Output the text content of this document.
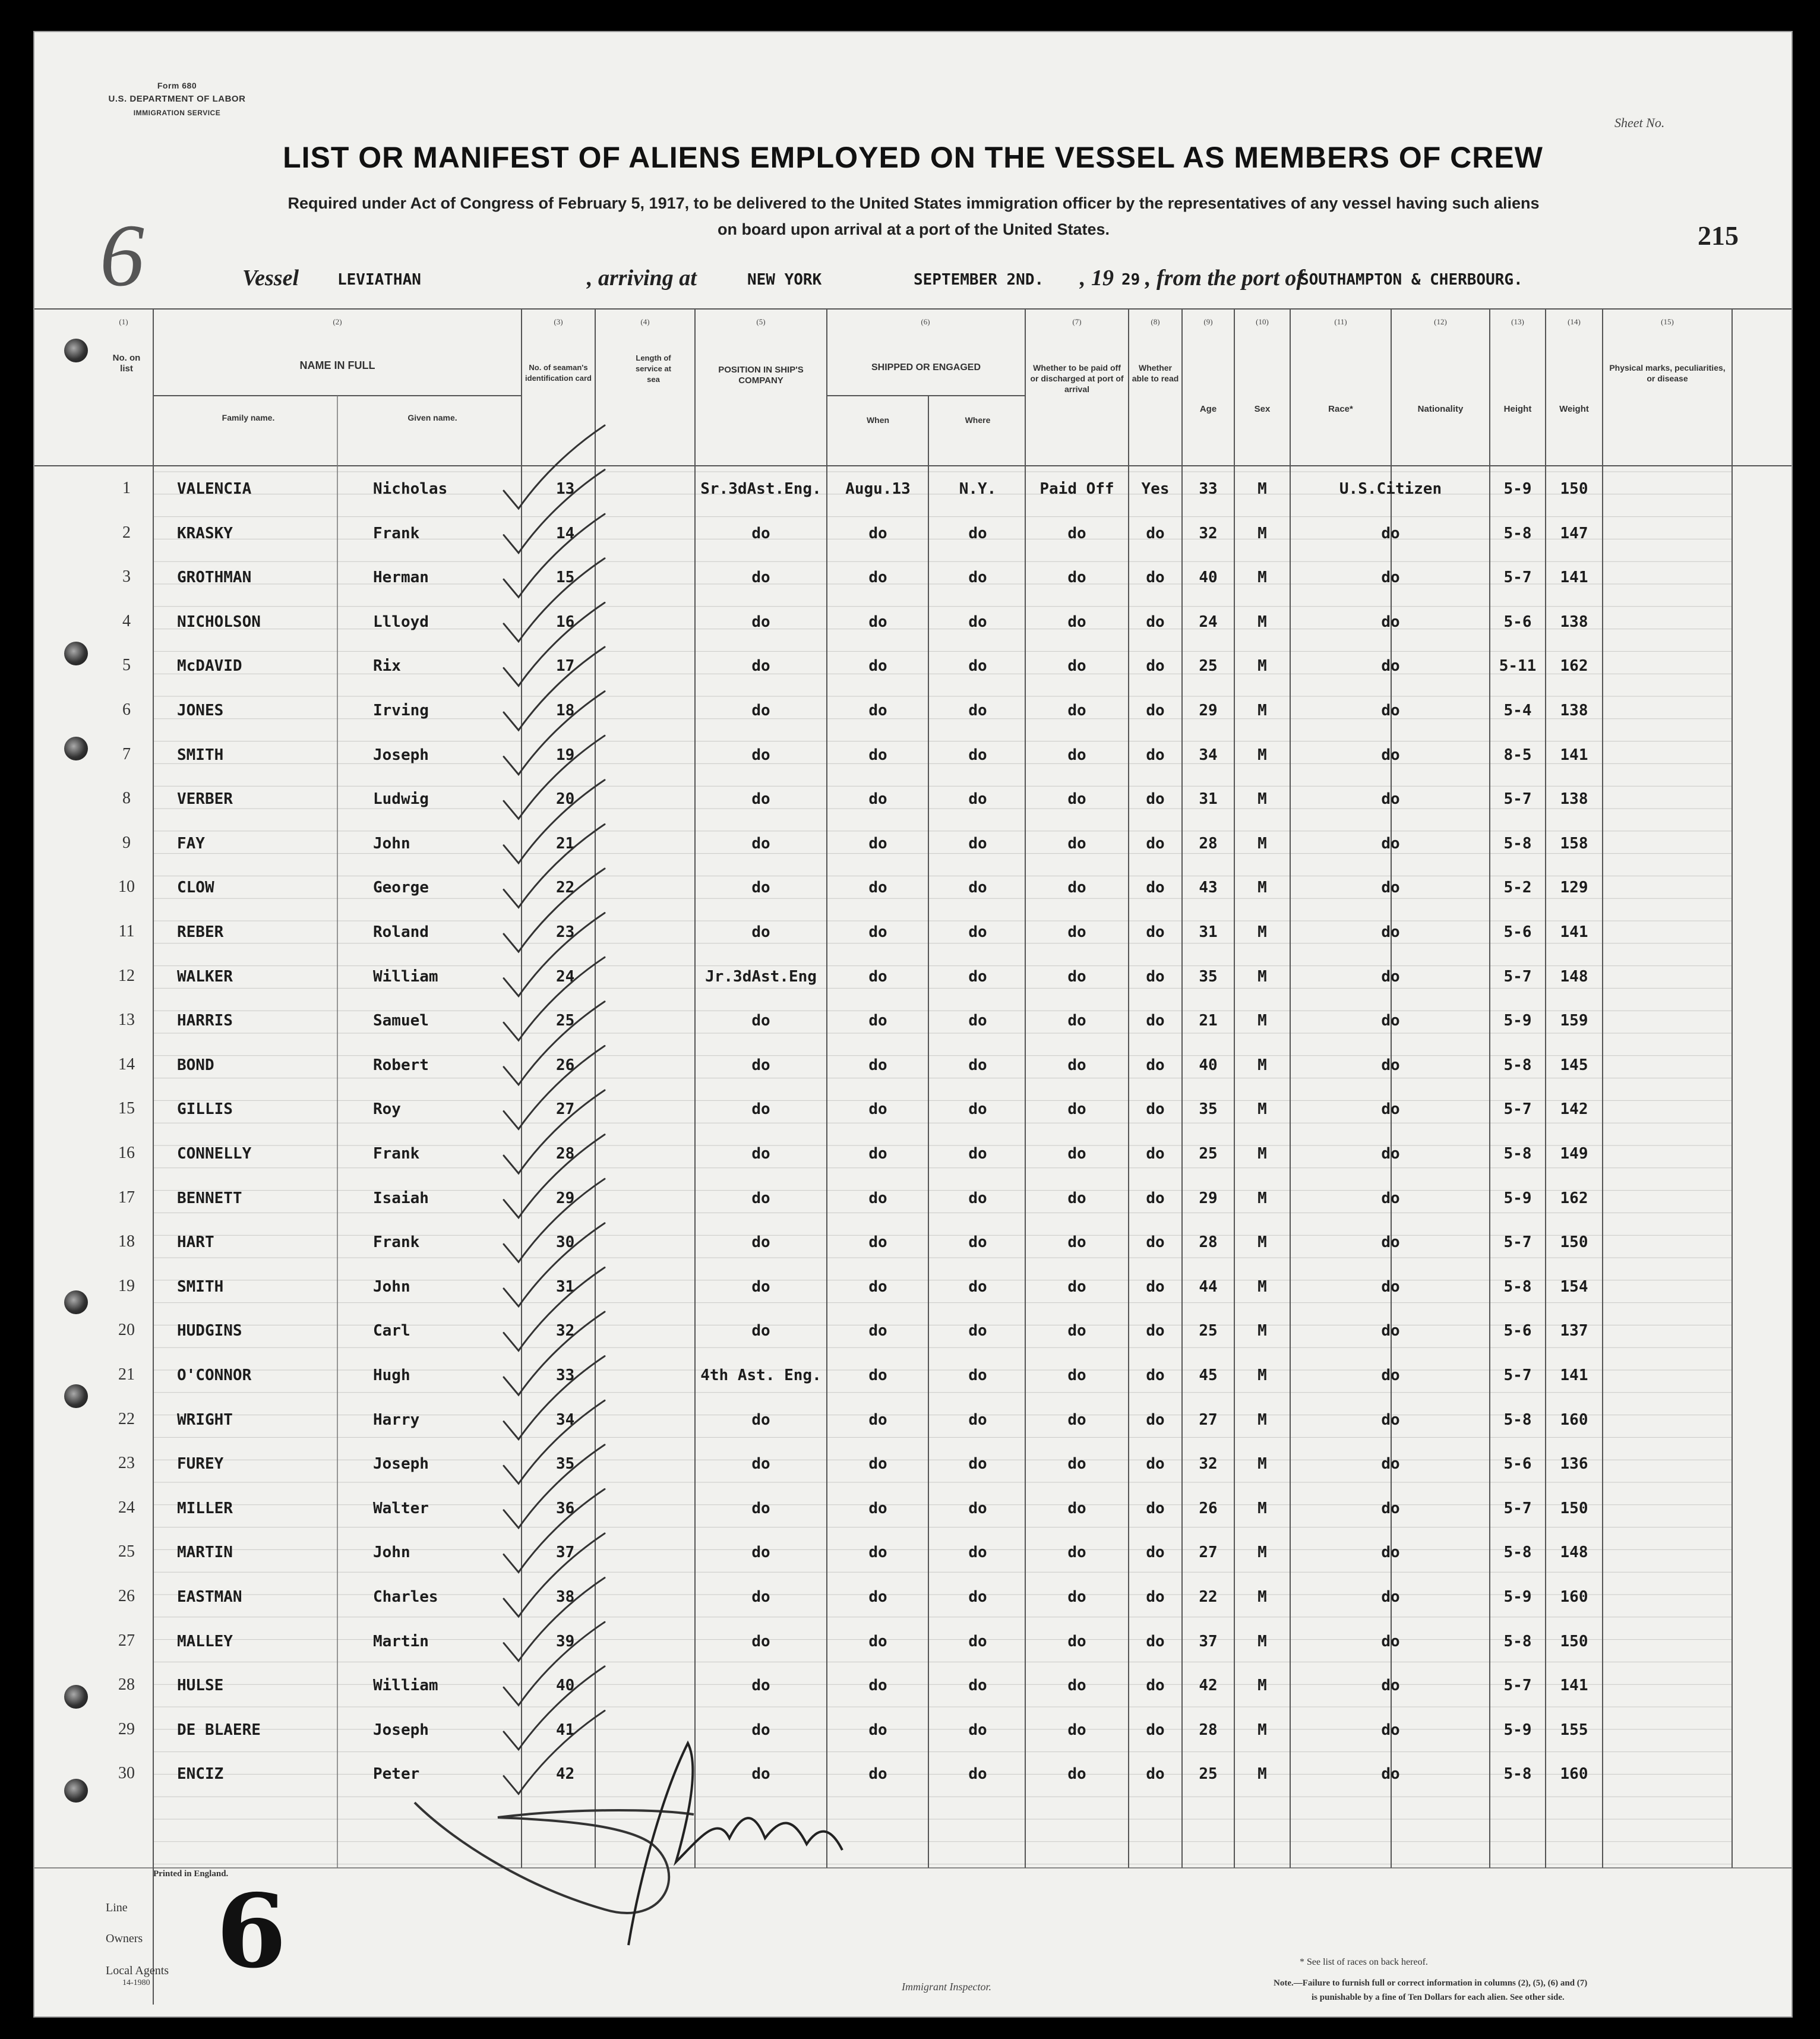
Form 680
U.S. DEPARTMENT OF LABOR
IMMIGRATION SERVICE
Sheet No.
LIST OR MANIFEST OF ALIENS EMPLOYED ON THE VESSEL AS MEMBERS OF CREW
Required under Act of Congress of February 5, 1917, to be delivered to the United States immigration officer by the representatives of any vessel having such aliens
on board upon arrival at a port of the United States.	215
6	Vessel	LEVIATHAN	, arriving at	NEW YORK	SEPTEMBER 2ND. , 19 29 , from the port of
SOUTHAMPTON & CHERBOURG.
(1)
No. on list
(2)
NAME IN FULL
Family name.	Given name.
(3)
No. of seaman's identification card
(4)
Length of service at sea
(5)
POSITION IN SHIP'S COMPANY
(6)
SHIPPED OR ENGAGED
When	Where
(7)
Whether to be paid off or discharged at port of arrival
(8)
Whether able to read
(9)
Age
(10)
Sex
(11)
Race*
(12)
Nationality
(13)
Height
(14)
Weight
(15)
Physical marks, peculiarities, or disease
1	VALENCIA	Nicholas	13	Sr.3dAst.Eng.	Augu.13	N.Y.	Paid Off	Yes	33	M	U.S.Citizen	5-9	150
2	KRASKY	Frank	14	do	do	do	do	do	32	M	do	5-8	147
3	GROTHMAN	Herman	15	do	do	do	do	do	40	M	do	5-7	141
4	NICHOLSON	Llloyd	16	do	do	do	do	do	24	M	do	5-6	138
5	McDAVID	Rix	17	do	do	do	do	do	25	M	do	5-11	162
6	JONES	Irving	18	do	do	do	do	do	29	M	do	5-4	138
7	SMITH	Joseph	19	do	do	do	do	do	34	M	do	8-5	141
8	VERBER	Ludwig	20	do	do	do	do	do	31	M	do	5-7	138
9	FAY	John	21	do	do	do	do	do	28	M	do	5-8	158
10	CLOW	George	22	do	do	do	do	do	43	M	do	5-2	129
11	REBER	Roland	23	do	do	do	do	do	31	M	do	5-6	141
12	WALKER	William	24	Jr.3dAst.Eng	do	do	do	do	35	M	do	5-7	148
13	HARRIS	Samuel	25	do	do	do	do	do	21	M	do	5-9	159
14	BOND	Robert	26	do	do	do	do	do	40	M	do	5-8	145
15	GILLIS	Roy	27	do	do	do	do	do	35	M	do	5-7	142
16	CONNELLY	Frank	28	do	do	do	do	do	25	M	do	5-8	149
17	BENNETT	Isaiah	29	do	do	do	do	do	29	M	do	5-9	162
18	HART	Frank	30	do	do	do	do	do	28	M	do	5-7	150
19	SMITH	John	31	do	do	do	do	do	44	M	do	5-8	154
20	HUDGINS	Carl	32	do	do	do	do	do	25	M	do	5-6	137
21	O'CONNOR	Hugh	33	4th Ast. Eng.	do	do	do	do	45	M	do	5-7	141
22	WRIGHT	Harry	34	do	do	do	do	do	27	M	do	5-8	160
23	FUREY	Joseph	35	do	do	do	do	do	32	M	do	5-6	136
24	MILLER	Walter	36	do	do	do	do	do	26	M	do	5-7	150
25	MARTIN	John	37	do	do	do	do	do	27	M	do	5-8	148
26	EASTMAN	Charles	38	do	do	do	do	do	22	M	do	5-9	160
27	MALLEY	Martin	39	do	do	do	do	do	37	M	do	5-8	150
28	HULSE	William	40	do	do	do	do	do	42	M	do	5-7	141
29	DE BLAERE	Joseph	41	do	do	do	do	do	28	M	do	5-9	155
30	ENCIZ	Peter	42	do	do	do	do	do	25	M	do	5-8	160
Printed in England.
Line
Owners
Local Agents
14-1980 6	Immigrant Inspector.
* See list of races on back hereof.
Note.—Failure to furnish full or correct information in columns (2), (5), (6) and (7)
is punishable by a fine of Ten Dollars for each alien. See other side.
